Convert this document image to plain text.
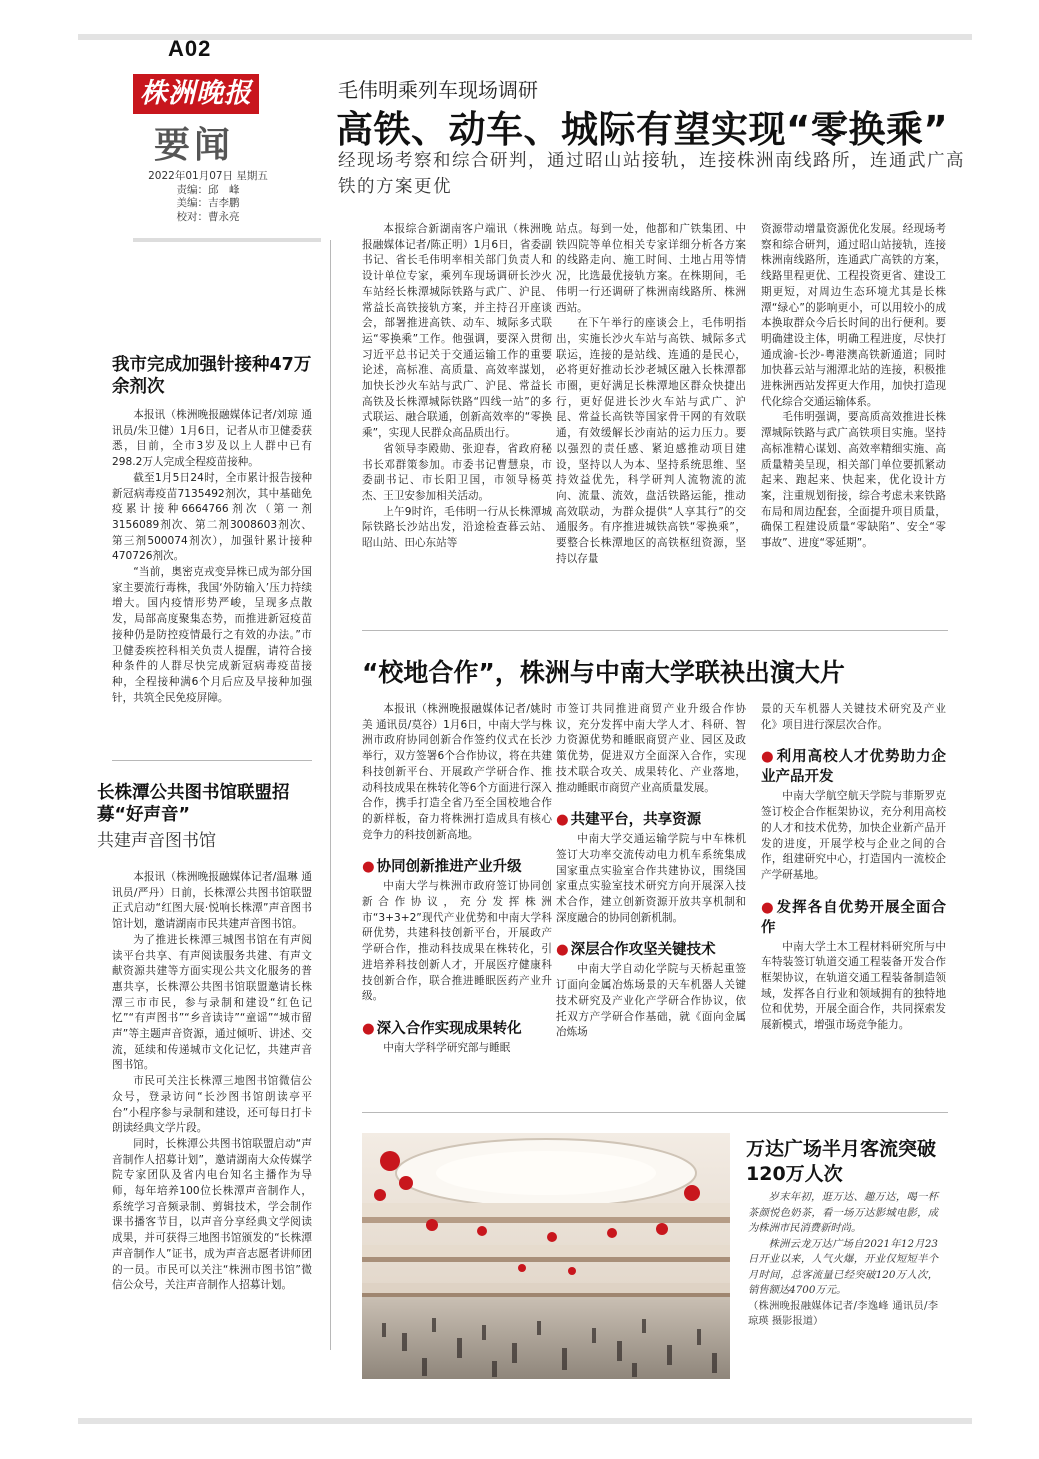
A02
株洲晚报
要闻
2022年01月07日 星期五
责编：邱　峰
美编：吉李鹏
校对：曹永亮
毛伟明乘列车现场调研
高铁、动车、城际有望实现“零换乘”
经现场考察和综合研判，通过昭山站接轨，连接株洲南线路所，连通武广高铁的方案更优

本报综合新湖南客户端讯（株洲晚报融媒体记者/陈正明）1月6日，省委副书记、省长毛伟明率相关部门负责人和设计单位专家，乘列车现场调研长沙火车站经长株潭城际铁路与武广、沪昆、常益长高铁接轨方案，并主持召开座谈会，部署推进高铁、动车、城际多式联运“零换乘”工作。他强调，要深入贯彻习近平总书记关于交通运输工作的重要论述，高标准、高质量、高效率謀划，加快长沙火车站与武广、沪昆、常益长高铁及长株潭城际铁路“四线一站”的多式联运、融合联通，创新高效率的“零换乘”，实现人民群众高品质出行。

省领导李殿勋、张迎春，省政府秘书长邓群策参加。市委书记曹慧泉，市委副书记、市长阳卫国，市领导杨英杰、王卫安参加相关活动。

上午9时许，毛伟明一行从长株潭城际铁路长沙站出发，沿途检查暮云站、昭山站、田心东站等

站点。每到一处，他都和广铁集团、中铁四院等单位相关专家详细分析各方案的线路走向、施工时间、土地占用等情况，比选最优接轨方案。在株期间，毛伟明一行还调研了株洲南线路所、株洲西站。

在下午举行的座谈会上，毛伟明指出，实施长沙火车站与高铁、城际多式联运，连接的是站线、连通的是民心，必将更好推动长沙老城区融入长株潭都市圈，更好满足长株潭地区群众快捷出行，更好促进长沙火车站与武广、沪昆、常益长高铁等国家骨干网的有效联通，有效缓解长沙南站的运力压力。要以强烈的责任感、紧迫感推动项目建设，坚持以人为本、坚持系统思维、坚持效益优先，科学研判人流物流的流向、流量、流效，盘活铁路运能，推动高效联动，为群众提供“人享其行”的交通服务。有序推进城铁高铁“零换乘”，要整合长株潭地区的高铁枢纽资源，坚持以存量

资源带动增量资源优化发展。经现场考察和综合研判，通过昭山站接轨，连接株洲南线路所，连通武广高铁的方案，线路里程更优、工程投资更省、建设工期更短，对周边生态环境尤其是长株潭“绿心”的影响更小，可以用较小的成本换取群众今后长时间的出行便利。要明确建设主体，明确工程进度，尽快打通成渝-长沙-粤港澳高铁新通道；同时加快暮云站与湘潭北站的连接，积极推进株洲西站发挥更大作用，加快打造现代化综合交通运输体系。

毛伟明强调，要高质高效推进长株潭城际铁路与武广高铁项目实施。坚持高标准精心谋划、高效率精细实施、高质量精美呈现，相关部门单位要抓紧动起来、跑起来、快起来，优化设计方案，注重规划衔接，综合考虑未来铁路布局和周边配套，全面提升项目质量，确保工程建设质量“零缺陷”、安全“零事故”、进度“零延期”。

我市完成加强针接种47万余剂次

本报讯（株洲晚报融媒体记者/刘琼 通讯员/朱卫健）1月6日，记者从市卫健委获悉，目前，全市3岁及以上人群中已有298.2万人完成全程疫苗接种。

截至1月5日24时，全市累计报告接种新冠病毒疫苗7135492剂次，其中基础免疫累计接种6664766剂次（第一剂3156089剂次、第二剂3008603剂次、第三剂500074剂次），加强针累计接种470726剂次。

“当前，奥密克戎变异株已成为部分国家主要流行毒株，我国‘外防输入’压力持续增大。国内疫情形势严峻，呈现多点散发，局部高度聚集态势，而推进新冠疫苗接种仍是防控疫情最行之有效的办法。”市卫健委疾控科相关负责人提醒，请符合接种条件的人群尽快完成新冠病毒疫苗接种，全程接种满6个月后应及早接种加强针，共筑全民免疫屏障。

长株潭公共图书馆联盟招募“好声音”
共建声音图书馆

本报讯（株洲晚报融媒体记者/温琳 通讯员/严丹）日前，长株潭公共图书馆联盟正式启动“红图大展·悦响长株潭”声音图书馆计划，邀请湖南市民共建声音图书馆。

为了推进长株潭三城图书馆在有声阅读平台共享、有声阅读服务共建、有声文献资源共建等方面实现公共文化服务的普惠共享，长株潭公共图书馆联盟邀请长株潭三市市民，参与录制和建设“红色记忆”“有声图书”“乡音读诗”“童谣”“城市留声”等主题声音资源，通过倾听、讲述、交流，延续和传递城市文化记忆，共建声音图书馆。

市民可关注长株潭三地图书馆微信公众号，登录访问“长沙图书馆朗读亭平台”小程序参与录制和建设，还可每日打卡朗读经典文学片段。

同时，长株潭公共图书馆联盟启动“声音制作人招募计划”，邀请湖南大众传媒学院专家团队及省内电台知名主播作为导师，每年培养100位长株潭声音制作人，系统学习音频录制、剪辑技术，学会制作课书播客节目，以声音分享经典文学阅读成果，并可获得三地图书馆颁发的“长株潭声音制作人”证书，成为声音志愿者讲师团的一员。市民可以关注“株洲市图书馆”微信公众号，关注声音制作人招募计划。

“校地合作”，株洲与中南大学联袂出演大片

本报讯（株洲晚报融媒体记者/姚时美 通讯员/莫谷）1月6日，中南大学与株洲市政府协同创新合作签约仪式在长沙举行，双方签署6个合作协议，将在共建科技创新平台、开展政产学研合作、推动科技成果在株转化等6个方面进行深入合作，携手打造全省乃至全国校地合作的新样板，奋力将株洲打造成具有核心竞争力的科技创新高地。

● 协同创新推进产业升级

中南大学与株洲市政府签订协同创新合作协议，充分发挥株洲市“3+3+2”现代产业优势和中南大学科研优势，共建科技创新平台，开展政产学研合作，推动科技成果在株转化，引进培养科技创新人才，开展医疗健康科技创新合作，联合推进睡眠医药产业升级。

● 深入合作实现成果转化

中南大学科学研究部与睡眠

市签订共同推进商贸产业升级合作协议，充分发挥中南大学人才、科研、智力资源优势和睡眠商贸产业、园区及政策优势，促进双方全面深入合作，实现技术联合攻关、成果转化、产业落地，推动睡眠市商贸产业高质量发展。

● 共建平台，共享资源

中南大学交通运输学院与中车株机签订大功率交流传动电力机车系统集成国家重点实验室合作共建协议，围绕国家重点实验室技术研究方向开展深入技术合作，建立创新资源开放共享机制和深度融合的协同创新机制。

● 深层合作攻坚关键技术

中南大学自动化学院与天桥起重签订面向金属冶炼场景的天车机器人关键技术研究及产业化产学研合作协议，依托双方产学研合作基础，就《面向金属冶炼场

景的天车机器人关键技术研究及产业化》项目进行深层次合作。

● 利用高校人才优势助力企业产品开发

中南大学航空航天学院与菲斯罗克签订校企合作框架协议，充分利用高校的人才和技术优势，加快企业新产品开发的进度，开展学校与企业之间的合作，组建研究中心，打造国内一流校企产学研基地。

● 发挥各自优势开展全面合作

中南大学土木工程材料研究所与中车特装签订轨道交通工程装备开发合作框架协议，在轨道交通工程装备制造领域，发挥各自行业和领域拥有的独特地位和优势，开展全面合作，共同探索发展新模式，增强市场竞争能力。

万达广场半月客流突破120万人次

岁末年初，逛万达、趣万达，喝一杯茶颜悦色奶茶，看一场万达影城电影，成为株洲市民消费新时尚。

株洲云龙万达广场自2021年12月23日开业以来，人气火爆，开业仅短短半个月时间，总客流量已经突破120万人次，销售额达4700万元。

（株洲晚报融媒体记者/李逸峰 通讯员/李琼瑛 摄影报道）
